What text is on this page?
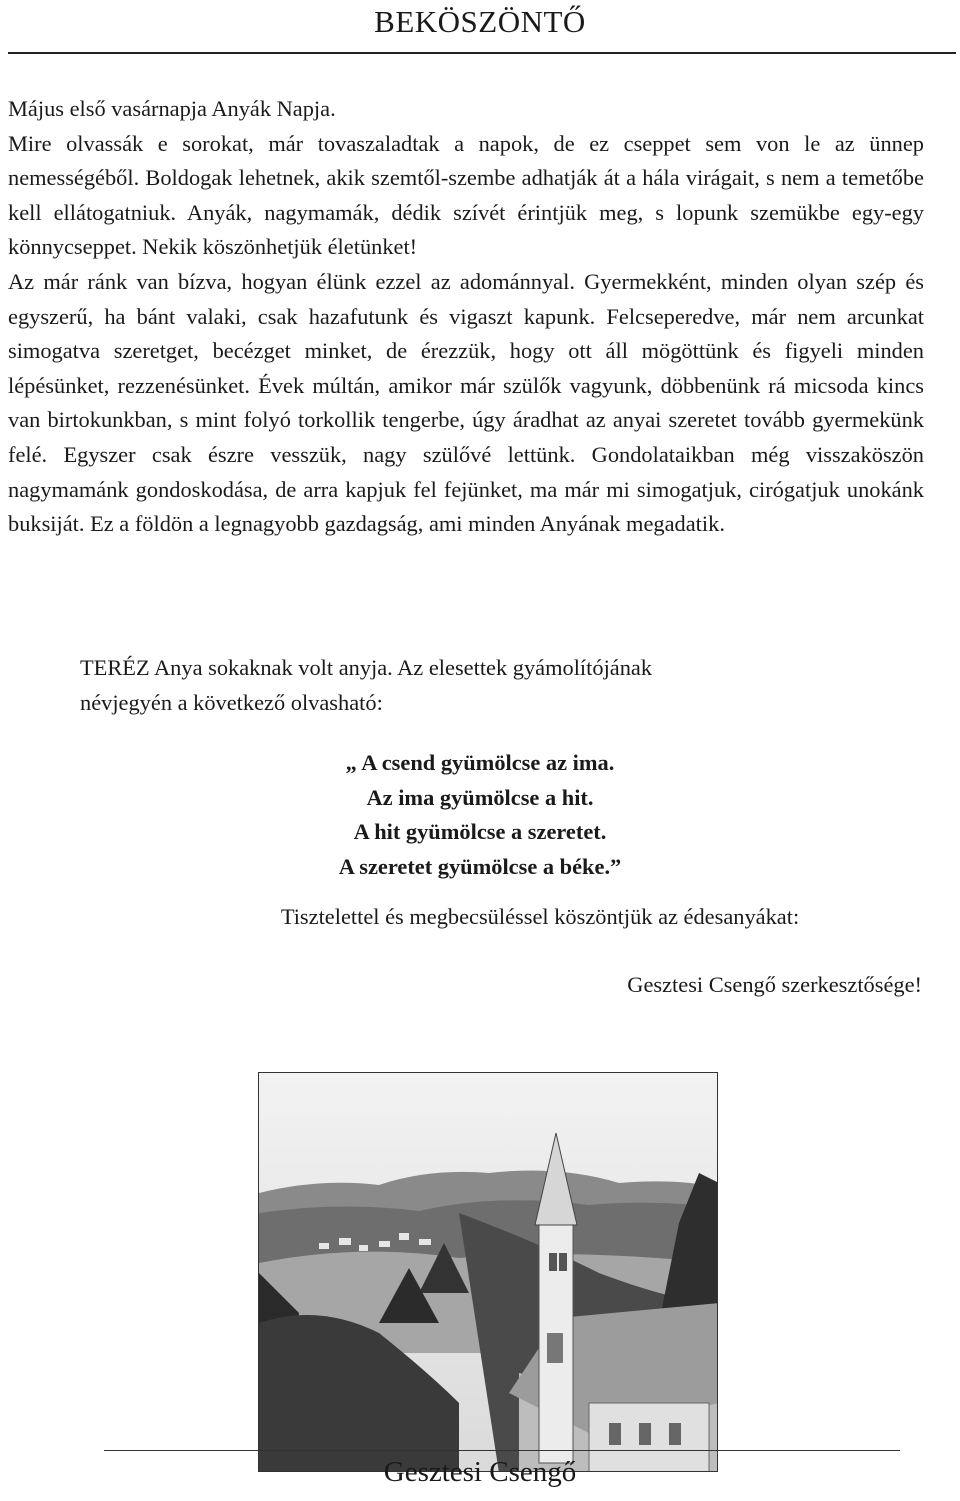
BEKÖSZÖNTŐ

Május első vasárnapja Anyák Napja.

Mire olvassák e sorokat, már tovaszaladtak a napok, de ez cseppet sem von le az ünnep nemességéből. Boldogak lehetnek, akik szemtől-szembe adhatják át a hála virágait, s nem a temetőbe kell ellátogatniuk. Anyák, nagymamák, dédik szívét érintjük meg, s lopunk szemükbe egy-egy könnycseppet. Nekik köszönhetjük életünket!

Az már ránk van bízva, hogyan élünk ezzel az adománnyal. Gyermekként, minden olyan szép és egyszerű, ha bánt valaki, csak hazafutunk és vigaszt kapunk. Felcseperedve, már nem arcunkat simogatva szeretget, becézget minket, de érezzük, hogy ott áll mögöttünk és figyeli minden lépésünket, rezzenésünket. Évek múltán, amikor már szülők vagyunk, döbbenünk rá micsoda kincs van birtokunkban, s mint folyó torkollik tengerbe, úgy áradhat az anyai szeretet tovább gyermekünk felé. Egyszer csak észre vesszük, nagy szülővé lettünk. Gondolataikban még visszaköszön nagymamánk gondoskodása, de arra kapjuk fel fejünket, ma már mi simogatjuk, cirógatjuk unokánk buksiját. Ez a földön a legnagyobb gazdagság, ami minden Anyának megadatik.

TERÉZ Anya sokaknak volt anyja. Az elesettek gyámolítójának

névjegyén a következő olvasható:

„ A csend gyümölcse az ima.
Az ima gyümölcse a hit.
A hit gyümölcse a szeretet.
A szeretet gyümölcse a béke.”
Tisztelettel és megbecsüléssel köszöntjük az édesanyákat:
Gesztesi Csengő szerkesztősége!
Gesztesi Csengő
